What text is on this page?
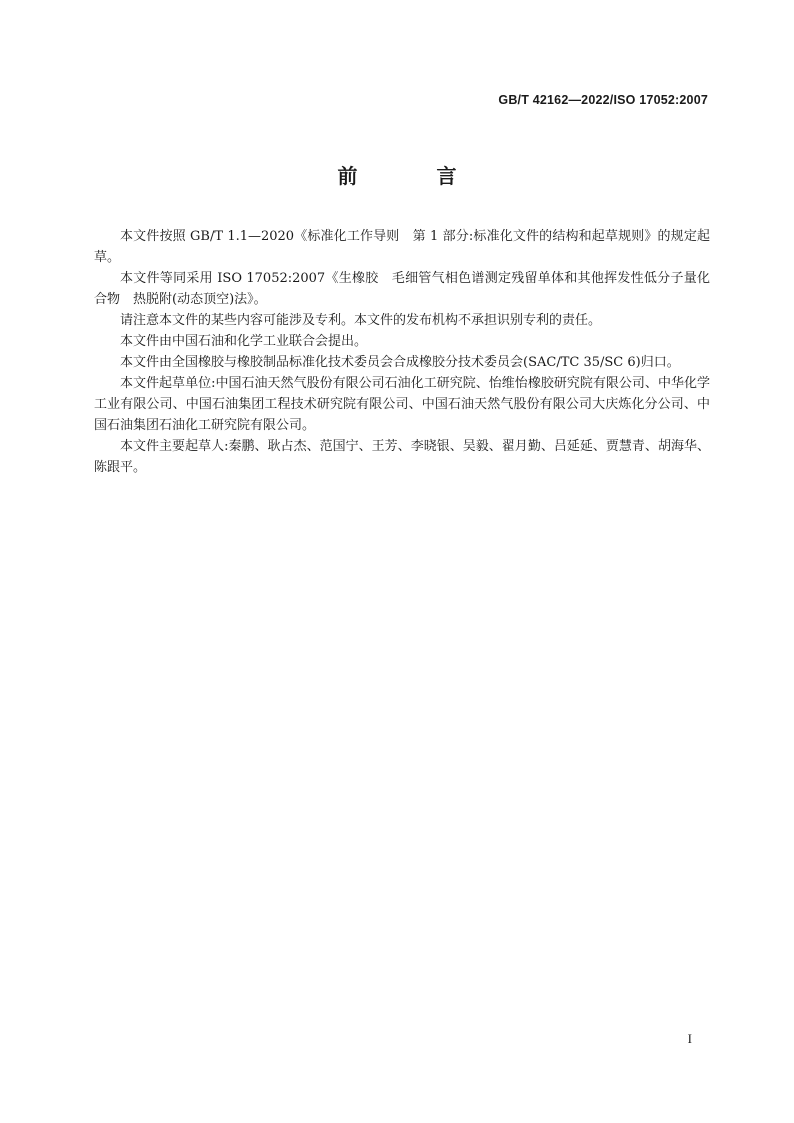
GB/T 42162—2022/ISO 17052:2007
前 言

本文件按照 GB/T 1.1—2020《标准化工作导则　第 1 部分:标准化文件的结构和起草规则》的规定起草。

本文件等同采用 ISO 17052:2007《生橡胶　毛细管气相色谱测定残留单体和其他挥发性低分子量化合物　热脱附(动态顶空)法》。

请注意本文件的某些内容可能涉及专利。本文件的发布机构不承担识别专利的责任。

本文件由中国石油和化学工业联合会提出。

本文件由全国橡胶与橡胶制品标准化技术委员会合成橡胶分技术委员会(SAC/TC 35/SC 6)归口。

本文件起草单位:中国石油天然气股份有限公司石油化工研究院、怡维怡橡胶研究院有限公司、中华化学工业有限公司、中国石油集团工程技术研究院有限公司、中国石油天然气股份有限公司大庆炼化分公司、中国石油集团石油化工研究院有限公司。

本文件主要起草人:秦鹏、耿占杰、范国宁、王芳、李晓银、吴毅、翟月勤、吕延延、贾慧青、胡海华、陈跟平。

I
